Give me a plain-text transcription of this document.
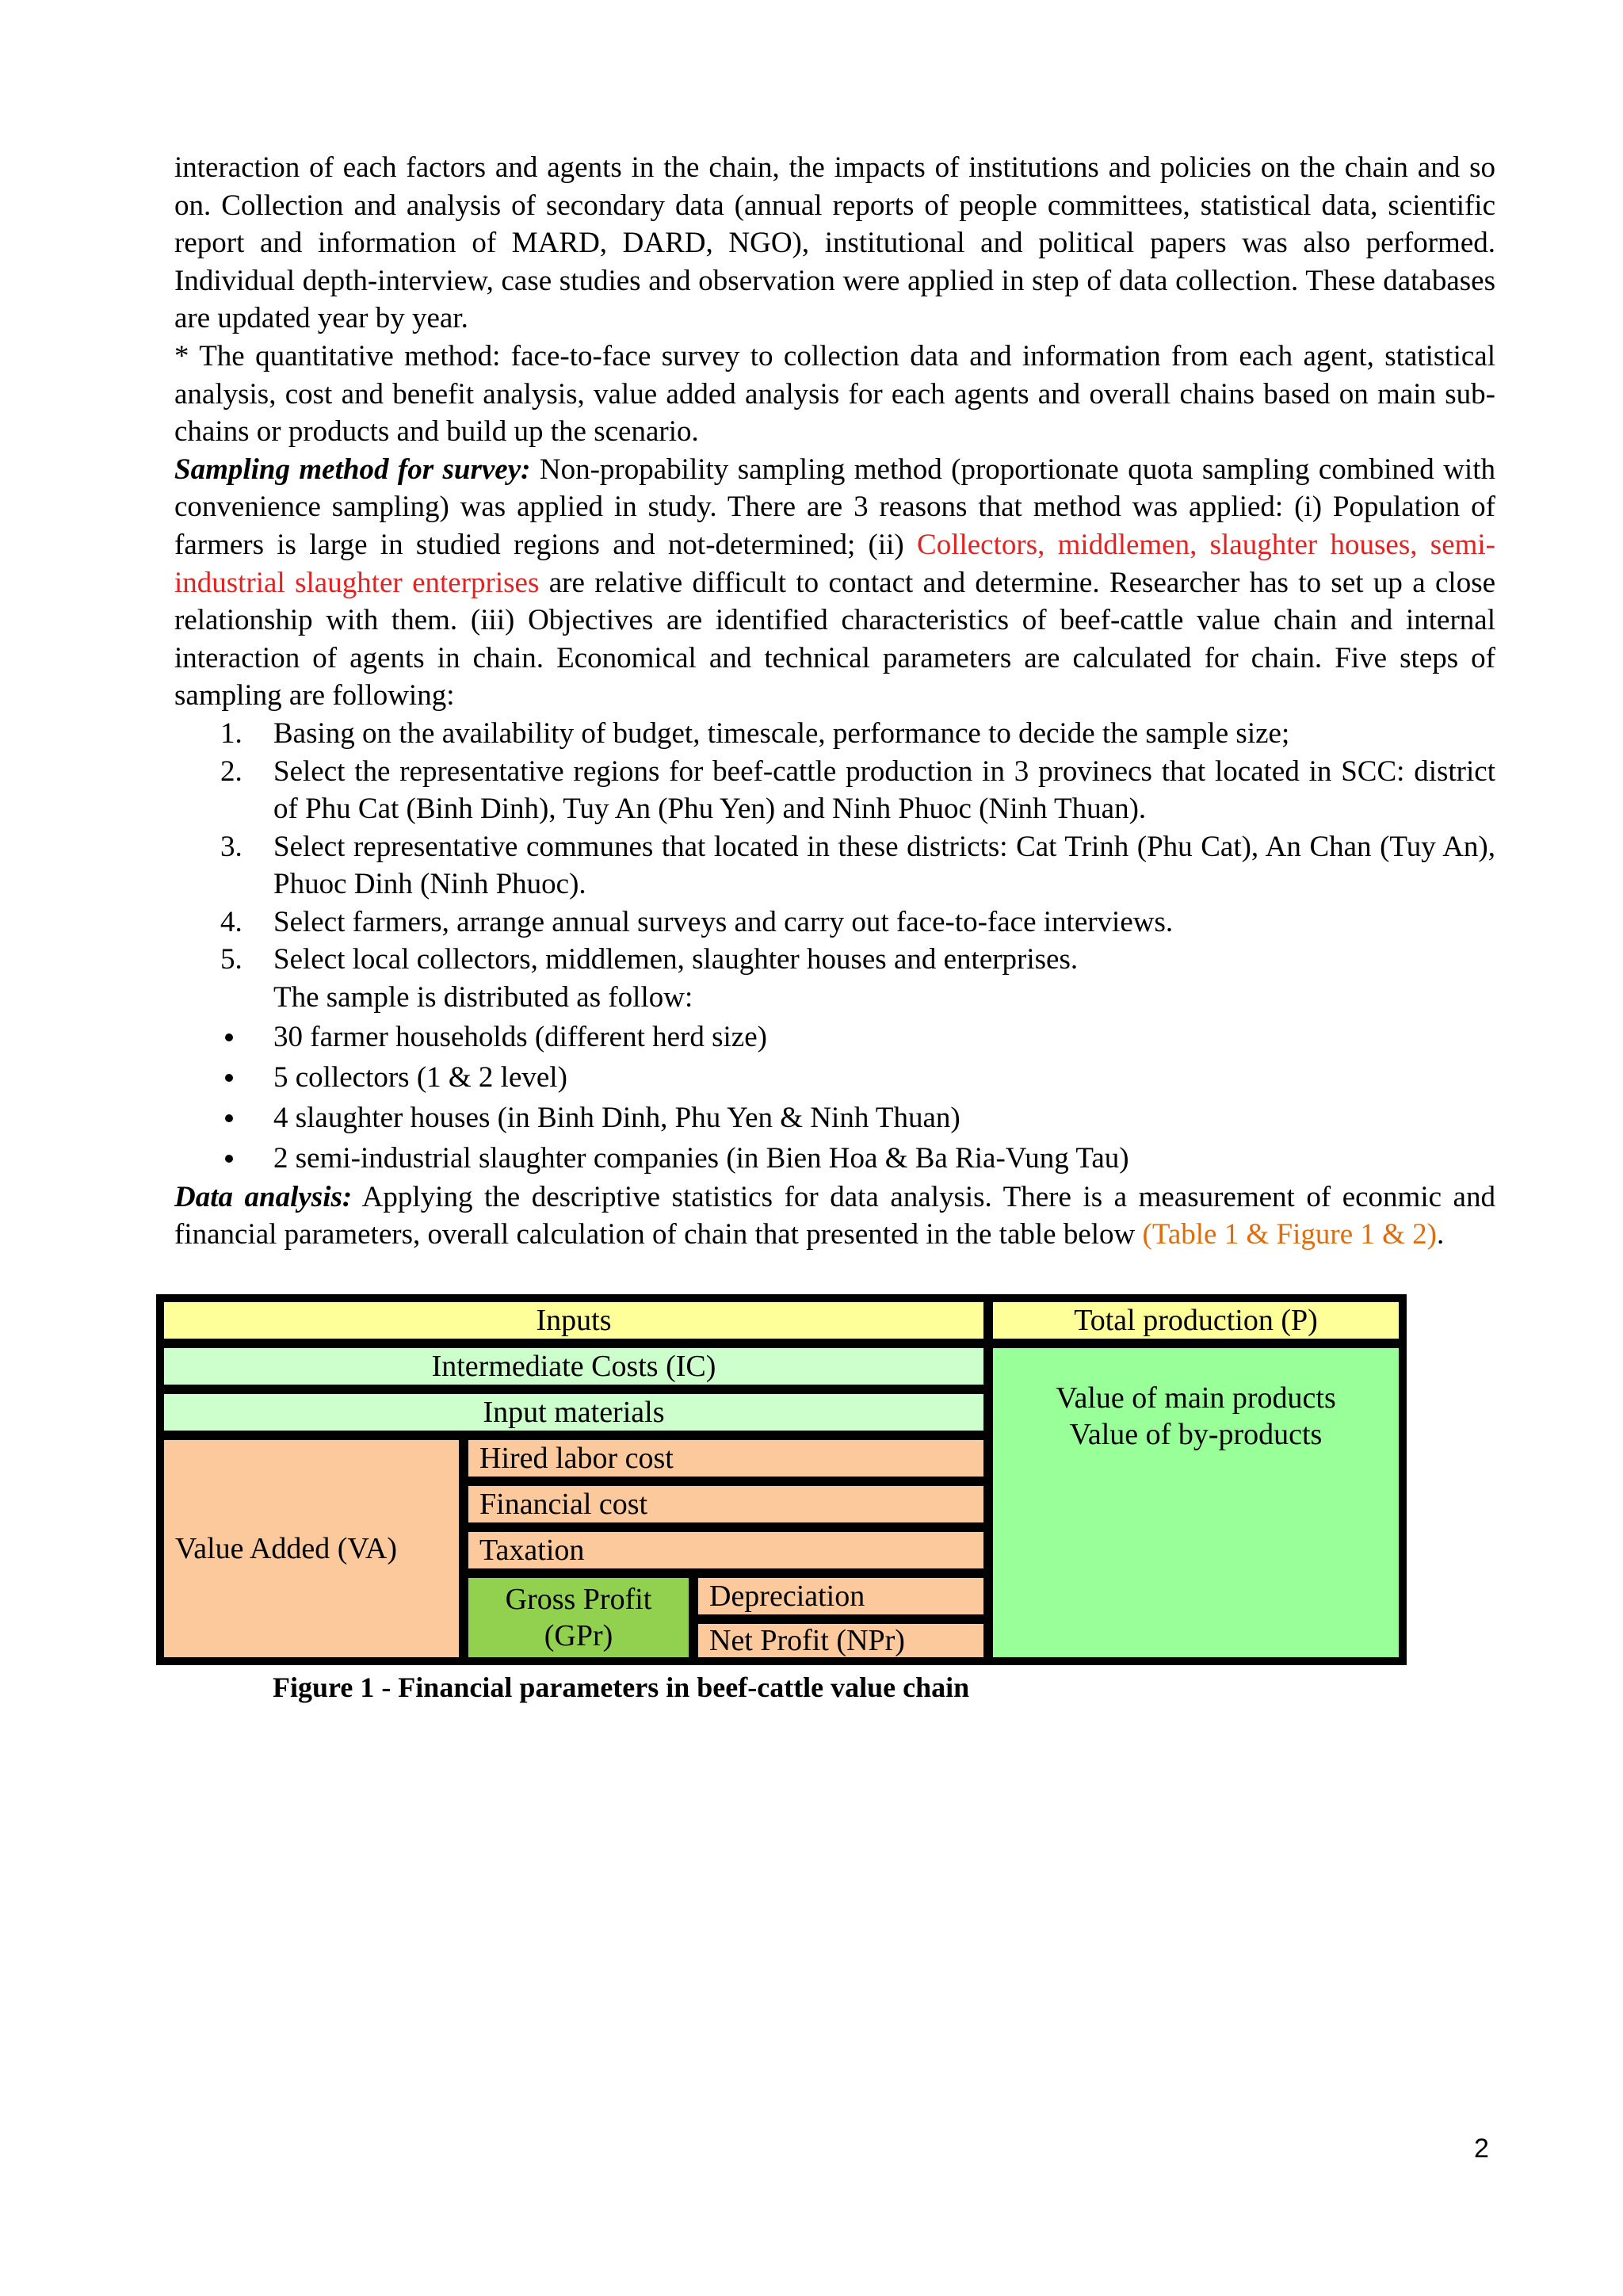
interaction of each factors and agents in the chain, the impacts of institutions and policies on the chain and so on. Collection and analysis of secondary data (annual reports of people committees, statistical data, scientific report and information of MARD, DARD, NGO), institutional and political papers was also performed. Individual depth-interview, case studies and observation were applied in step of data collection. These databases are updated year by year.

* The quantitative method: face-to-face survey to collection data and information from each agent, statistical analysis, cost and benefit analysis, value added analysis for each agents and overall chains based on main sub-chains or products and build up the scenario.

Sampling method for survey: Non-propability sampling method (proportionate quota sampling combined with convenience sampling) was applied in study. There are 3 reasons that method was applied: (i) Population of farmers is large in studied regions and not-determined; (ii) Collectors, middlemen, slaughter houses, semi-industrial slaughter enterprises are relative difficult to contact and determine. Researcher has to set up a close relationship with them. (iii) Objectives are identified characteristics of beef-cattle value chain and internal interaction of agents in chain. Economical and technical parameters are calculated for chain. Five steps of sampling are following:

1. Basing on the availability of budget, timescale, performance to decide the sample size;
2. Select the representative regions for beef-cattle production in 3 provinecs that located in SCC: district of Phu Cat (Binh Dinh), Tuy An (Phu Yen) and Ninh Phuoc (Ninh Thuan).
3. Select representative communes that located in these districts: Cat Trinh (Phu Cat), An Chan (Tuy An), Phuoc Dinh (Ninh Phuoc).
4. Select farmers, arrange annual surveys and carry out face-to-face interviews.
5. Select local collectors, middlemen, slaughter houses and enterprises.
The sample is distributed as follow:
30 farmer households (different herd size)
5 collectors (1 & 2 level)
4 slaughter houses (in Binh Dinh, Phu Yen & Ninh Thuan)
2 semi-industrial slaughter companies (in Bien Hoa & Ba Ria-Vung Tau)

Data analysis: Applying the descriptive statistics for data analysis. There is a measurement of econmic and financial parameters, overall calculation of chain that presented in the table below (Table 1 & Figure 1 & 2).

Inputs	Total production (P)
Intermediate Costs (IC)
Input materials
Value Added (VA)
Hired labor cost
Financial cost
Taxation
Gross Profit
(GPr)
Depreciation
Net Profit (NPr)
Value of main products
Value of by-products
Figure 1 - Financial parameters in beef-cattle value chain
2
